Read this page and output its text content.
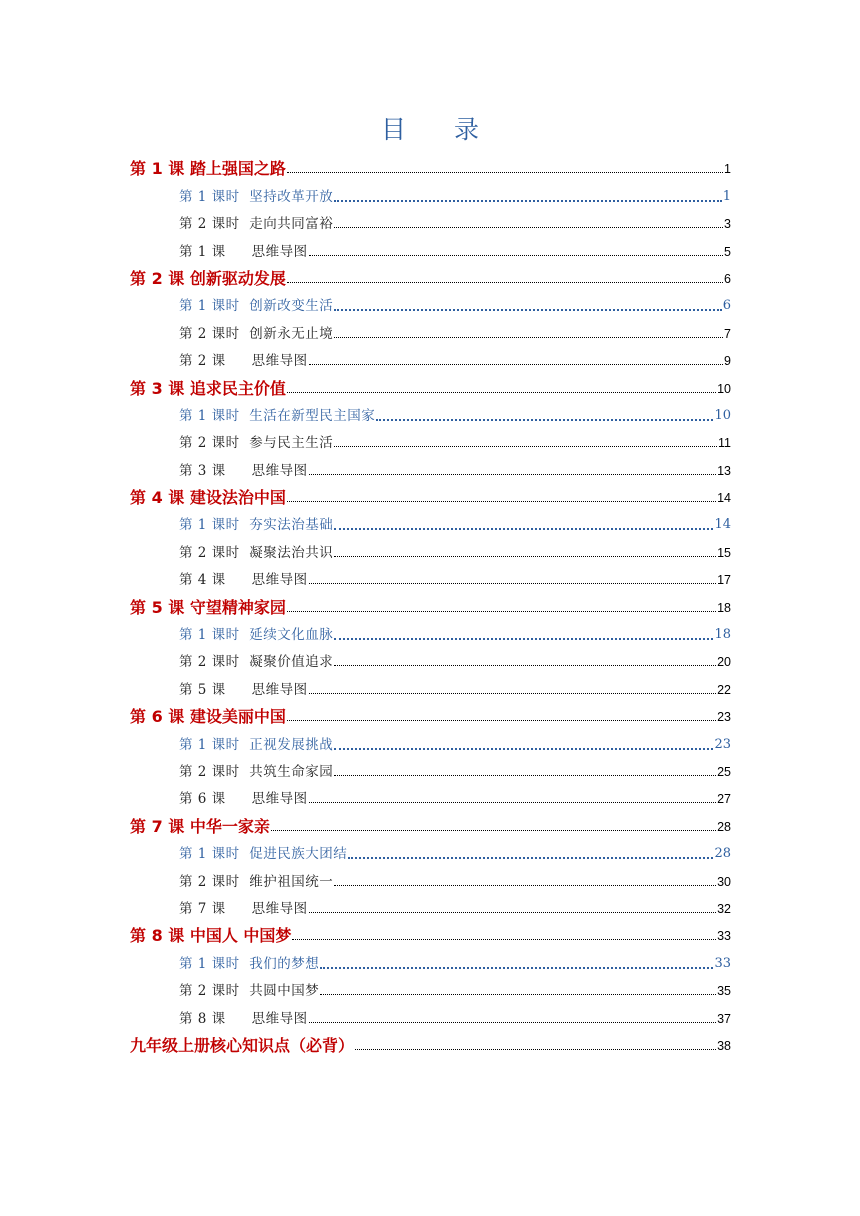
目 录
第 1 课 踏上强国之路	1
第 1 课时 坚持改革开放	1
第 2 课时 走向共同富裕	3
第 1 课 思维导图	5
第 2 课 创新驱动发展	6
第 1 课时 创新改变生活	6
第 2 课时 创新永无止境	7
第 2 课 思维导图	9
第 3 课 追求民主价值	10
第 1 课时 生活在新型民主国家	10
第 2 课时 参与民主生活	11
第 3 课 思维导图	13
第 4 课 建设法治中国	14
第 1 课时 夯实法治基础	14
第 2 课时 凝聚法治共识	15
第 4 课 思维导图	17
第 5 课 守望精神家园	18
第 1 课时 延续文化血脉	18
第 2 课时 凝聚价值追求	20
第 5 课 思维导图	22
第 6 课 建设美丽中国	23
第 1 课时 正视发展挑战	23
第 2 课时 共筑生命家园	25
第 6 课 思维导图	27
第 7 课 中华一家亲	28
第 1 课时 促进民族大团结	28
第 2 课时 维护祖国统一	30
第 7 课 思维导图	32
第 8 课 中国人 中国梦	33
第 1 课时 我们的梦想	33
第 2 课时 共圆中国梦	35
第 8 课 思维导图	37
九年级上册核心知识点（必背）	38
